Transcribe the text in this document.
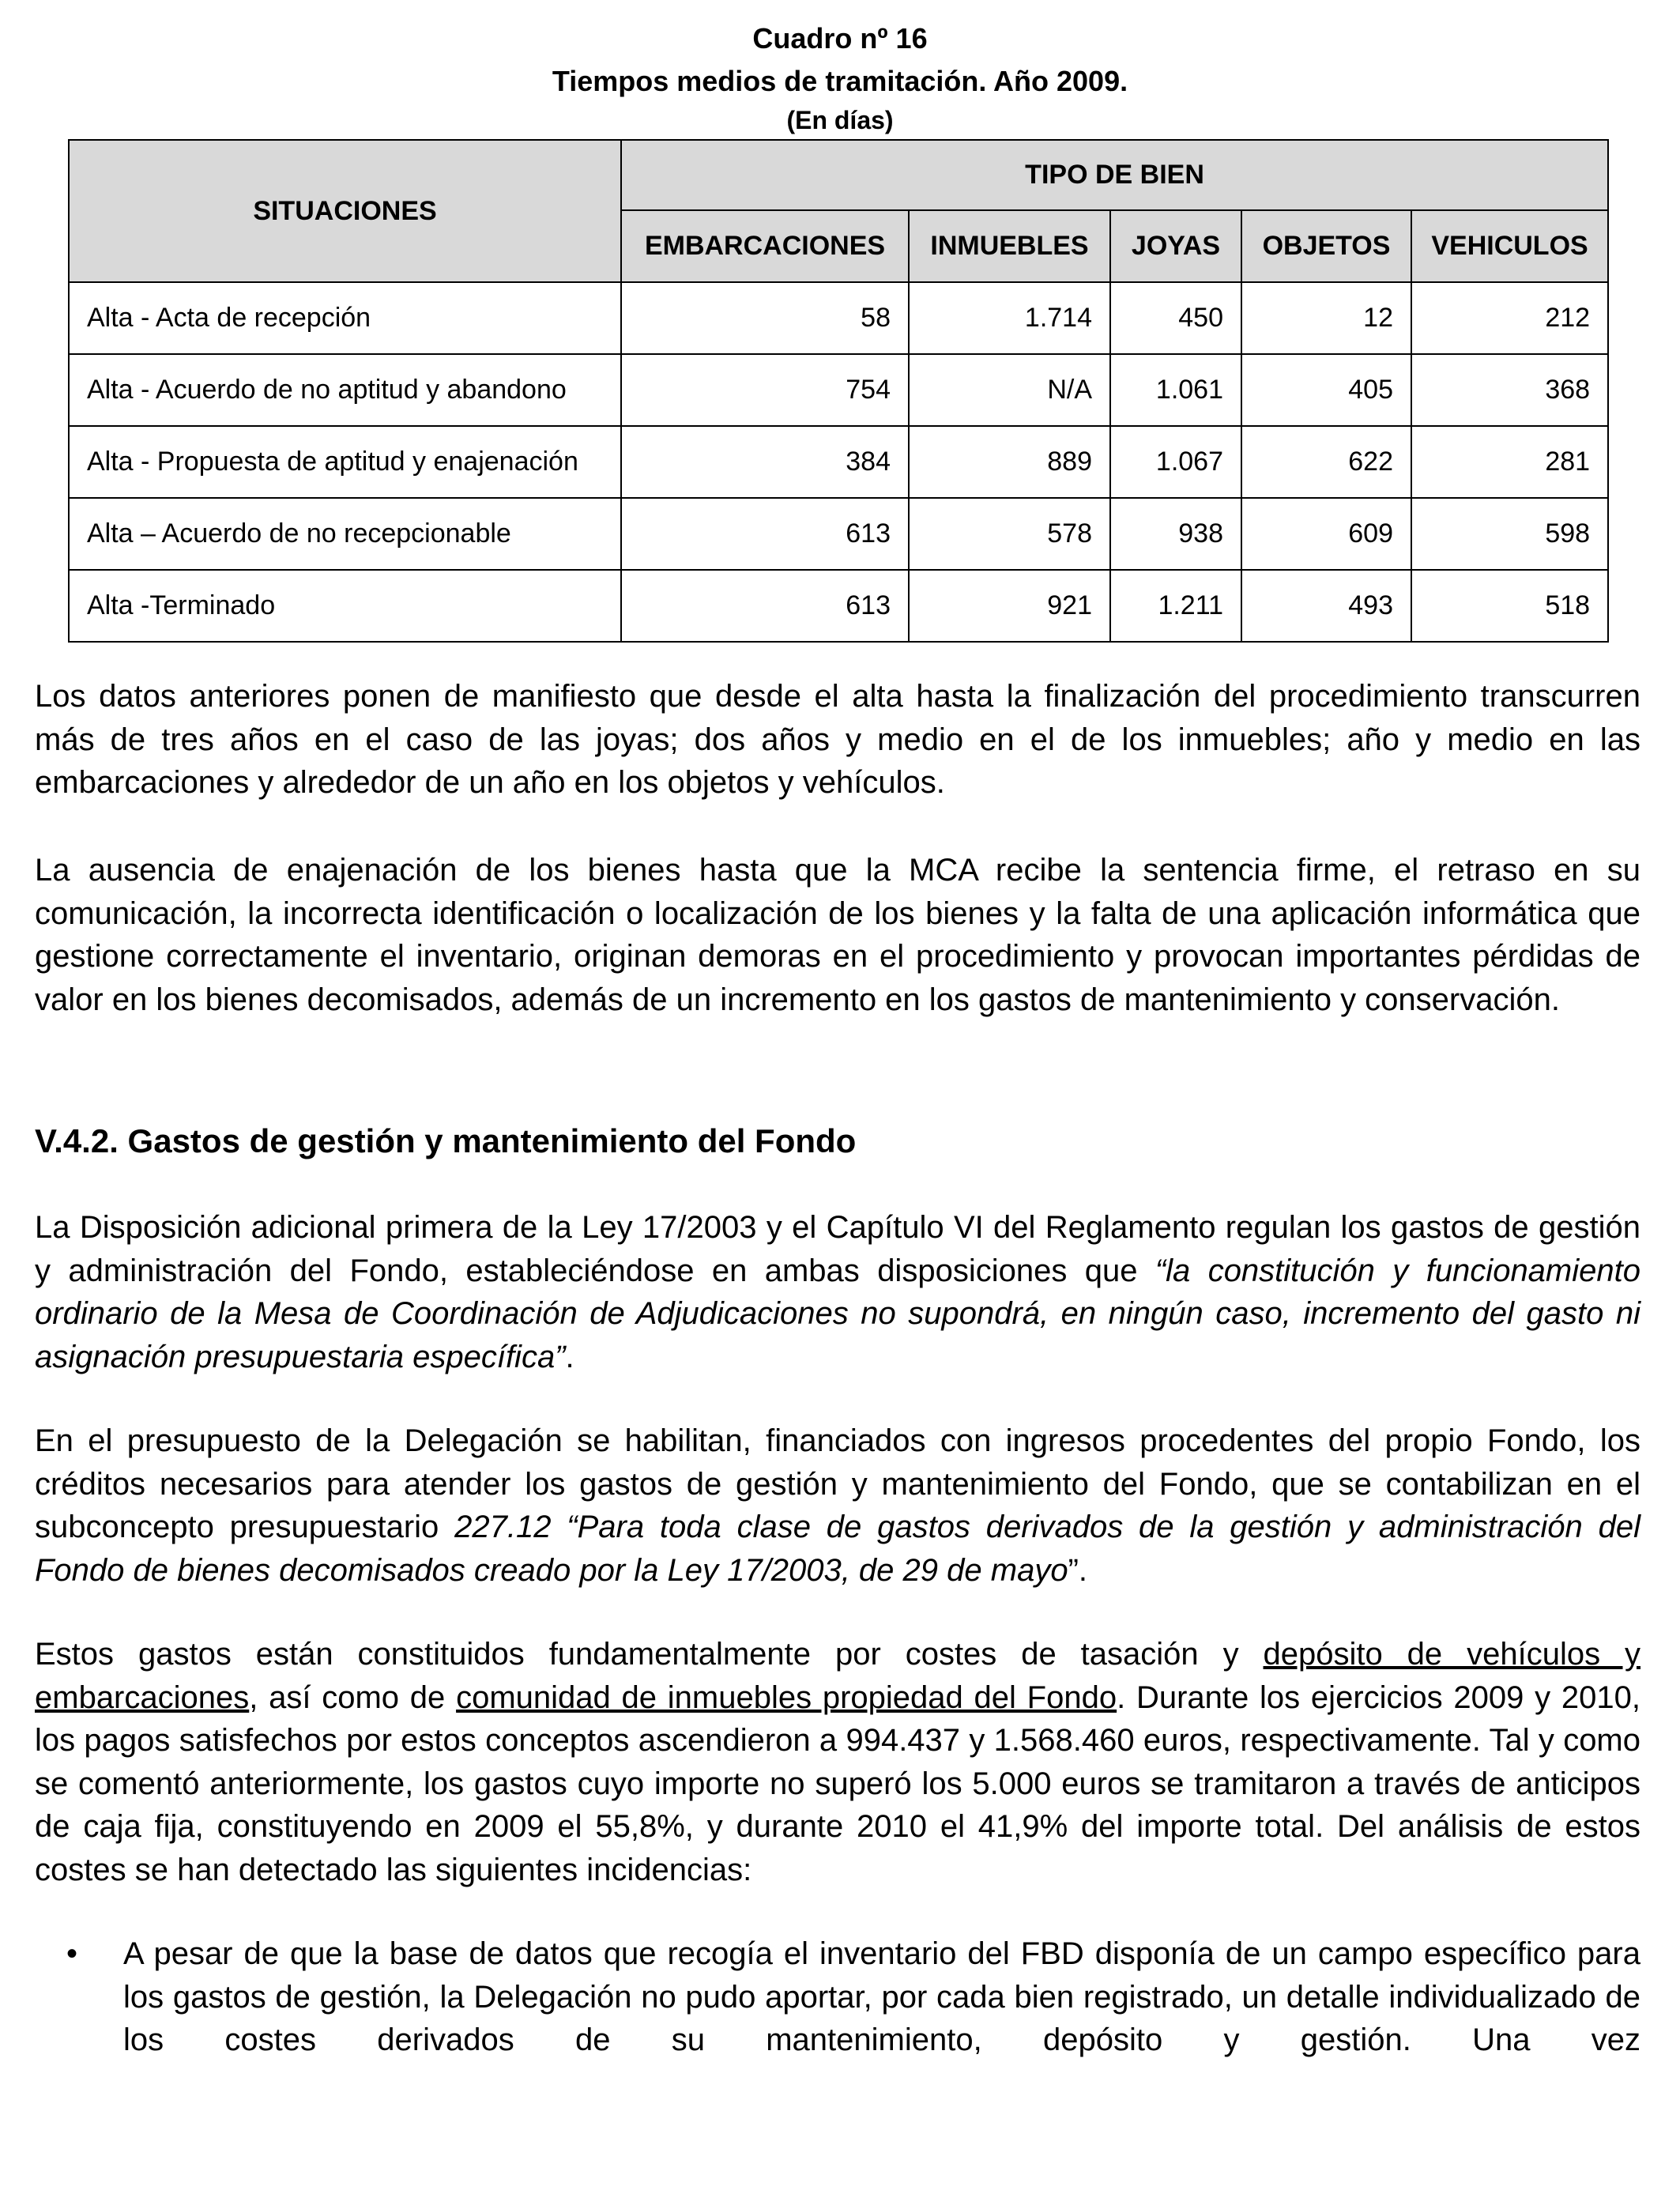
Cuadro nº 16
Tiempos medios de tramitación. Año 2009.
(En días)
SITUACIONES	TIPO DE BIEN				
	EMBARCACIONES	INMUEBLES	JOYAS	OBJETOS	VEHICULOS
Alta - Acta de recepción	58	1.714	450	12	212
Alta - Acuerdo de no aptitud y abandono	754	N/A	1.061	405	368
Alta - Propuesta de aptitud y enajenación	384	889	1.067	622	281
Alta – Acuerdo de no recepcionable	613	578	938	609	598
Alta -Terminado	613	921	1.211	493	518

Los datos anteriores ponen de manifiesto que desde el alta hasta la finalización del procedimiento transcurren más de tres años en el caso de las joyas; dos años y medio en el de los inmuebles; año y medio en las embarcaciones y alrededor de un año en los objetos y vehículos.

La ausencia de enajenación de los bienes hasta que la MCA recibe la sentencia firme, el retraso en su comunicación, la incorrecta identificación o localización de los bienes y la falta de una aplicación informática que gestione correctamente el inventario, originan demoras en el procedimiento y provocan importantes pérdidas de valor en los bienes decomisados, además de un incremento en los gastos de mantenimiento y conservación.

V.4.2. Gastos de gestión y mantenimiento del Fondo

La Disposición adicional primera de la Ley 17/2003 y el Capítulo VI del Reglamento regulan los gastos de gestión y administración del Fondo, estableciéndose en ambas disposiciones que “la constitución y funcionamiento ordinario de la Mesa de Coordinación de Adjudicaciones no supondrá, en ningún caso, incremento del gasto ni asignación presupuestaria específica”.

En el presupuesto de la Delegación se habilitan, financiados con ingresos procedentes del propio Fondo, los créditos necesarios para atender los gastos de gestión y mantenimiento del Fondo, que se contabilizan en el subconcepto presupuestario 227.12 “Para toda clase de gastos derivados de la gestión y administración del Fondo de bienes decomisados creado por la Ley 17/2003, de 29 de mayo”.

Estos gastos están constituidos fundamentalmente por costes de tasación y depósito de vehículos y embarcaciones, así como de comunidad de inmuebles propiedad del Fondo. Durante los ejercicios 2009 y 2010, los pagos satisfechos por estos conceptos ascendieron a 994.437 y 1.568.460 euros, respectivamente. Tal y como se comentó anteriormente, los gastos cuyo importe no superó los 5.000 euros se tramitaron a través de anticipos de caja fija, constituyendo en 2009 el 55,8%, y durante 2010 el 41,9% del importe total. Del análisis de estos costes se han detectado las siguientes incidencias:

• A pesar de que la base de datos que recogía el inventario del FBD disponía de un campo específico para los gastos de gestión, la Delegación no pudo aportar, por cada bien registrado, un detalle individualizado de los costes derivados de su mantenimiento, depósito y gestión. Una vez
